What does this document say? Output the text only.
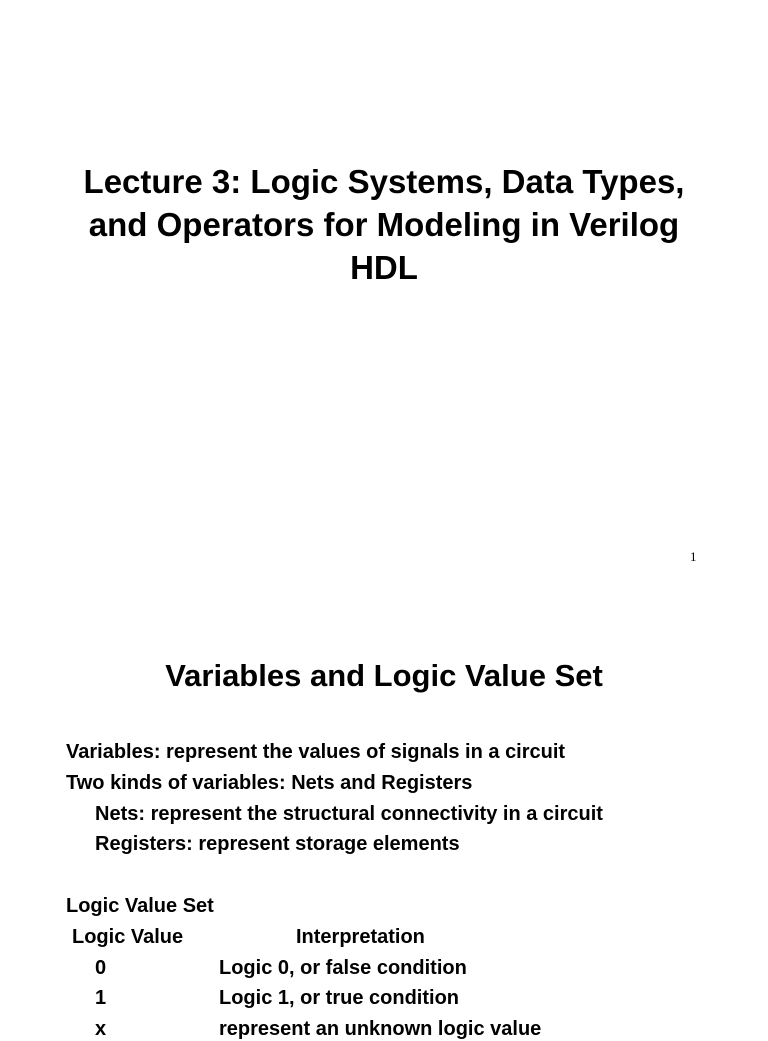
Lecture 3: Logic Systems, Data Types,
and Operators for Modeling in Verilog
HDL
1
Variables and Logic Value Set
Variables: represent the values of signals in a circuit
Two kinds of variables: Nets and Registers
Nets: represent the structural connectivity in a circuit
Registers: represent storage elements
Logic Value Set
Logic Value	Interpretation
0	Logic 0, or false condition
1	Logic 1, or true condition
x	represent an unknown logic value
